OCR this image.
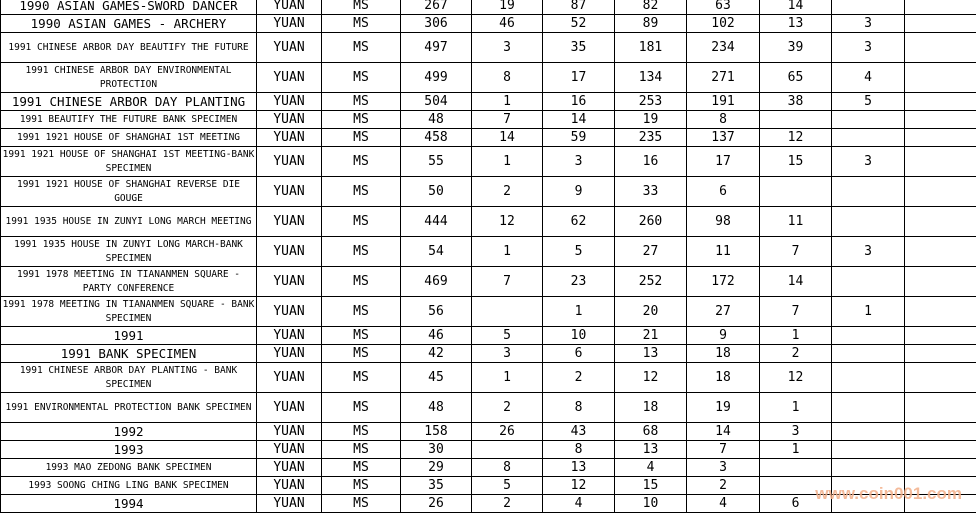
1990 ASIAN GAMES-SWORD DANCER	YUAN	MS	267	19	87	82	63	14		
1990 ASIAN GAMES - ARCHERY	YUAN	MS	306	46	52	89	102	13	3	
1991 CHINESE ARBOR DAY BEAUTIFY THE FUTURE	YUAN	MS	497	3	35	181	234	39	3	
1991 CHINESE ARBOR DAY ENVIRONMENTAL PROTECTION	YUAN	MS	499	8	17	134	271	65	4	
1991 CHINESE ARBOR DAY PLANTING	YUAN	MS	504	1	16	253	191	38	5	
1991 BEAUTIFY THE FUTURE BANK SPECIMEN	YUAN	MS	48	7	14	19	8			
1991 1921 HOUSE OF SHANGHAI 1ST MEETING	YUAN	MS	458	14	59	235	137	12		
1991 1921 HOUSE OF SHANGHAI 1ST MEETING-BANK SPECIMEN	YUAN	MS	55	1	3	16	17	15	3	
1991 1921 HOUSE OF SHANGHAI REVERSE DIE GOUGE	YUAN	MS	50	2	9	33	6			
1991 1935 HOUSE IN ZUNYI LONG MARCH MEETING	YUAN	MS	444	12	62	260	98	11		
1991 1935 HOUSE IN ZUNYI LONG MARCH-BANK SPECIMEN	YUAN	MS	54	1	5	27	11	7	3	
1991 1978 MEETING IN TIANANMEN SQUARE - PARTY CONFERENCE	YUAN	MS	469	7	23	252	172	14		
1991 1978 MEETING IN TIANANMEN SQUARE - BANK SPECIMEN	YUAN	MS	56		1	20	27	7	1	
1991	YUAN	MS	46	5	10	21	9	1		
1991 BANK SPECIMEN	YUAN	MS	42	3	6	13	18	2		
1991 CHINESE ARBOR DAY PLANTING - BANK SPECIMEN	YUAN	MS	45	1	2	12	18	12		
1991 ENVIRONMENTAL PROTECTION BANK SPECIMEN	YUAN	MS	48	2	8	18	19	1		
1992	YUAN	MS	158	26	43	68	14	3		
1993	YUAN	MS	30		8	13	7	1		
1993 MAO ZEDONG BANK SPECIMEN	YUAN	MS	29	8	13	4	3			
1993 SOONG CHING LING BANK SPECIMEN	YUAN	MS	35	5	12	15	2			
1994	YUAN	MS	26	2	4	10	4	6		www.coin001.com
